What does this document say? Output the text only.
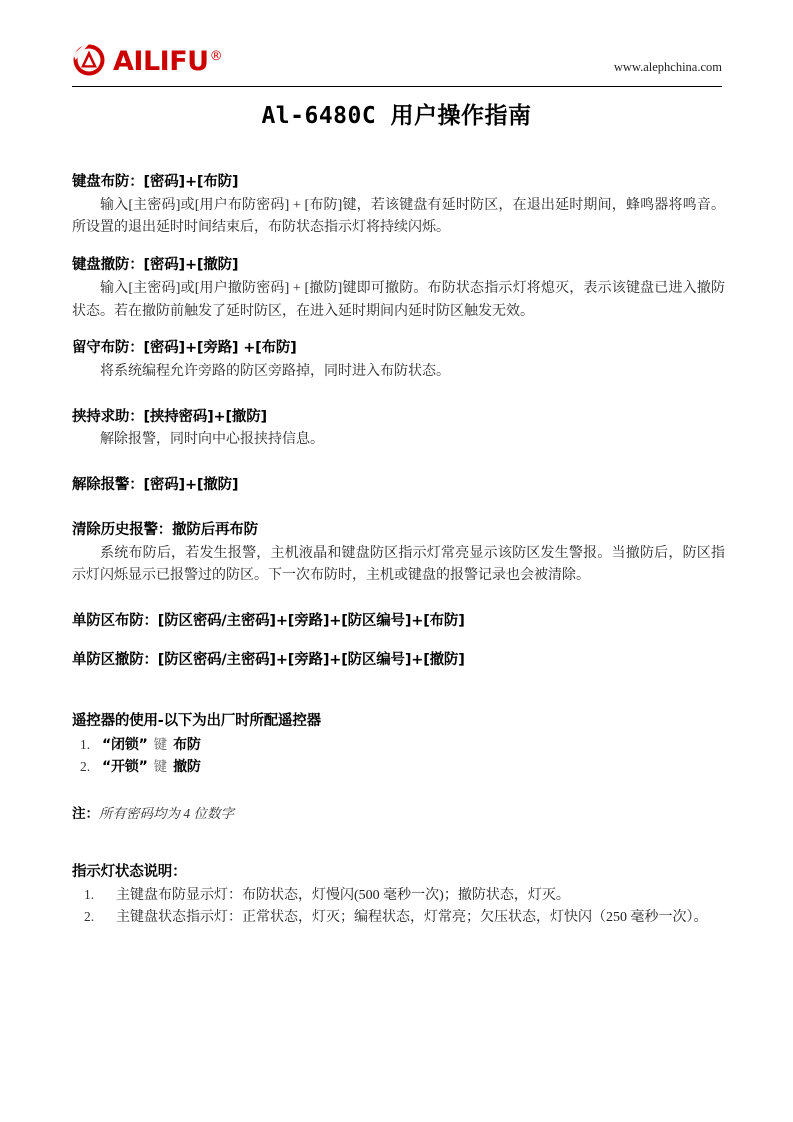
AILIFU®
www.alephchina.com
Al-6480C 用户操作指南

键盘布防：[密码]+[布防]

输入[主密码]或[用户布防密码] + [布防]键，若该键盘有延时防区，在退出延时期间，蜂鸣器将鸣音。所设置的退出延时时间结束后，布防状态指示灯将持续闪烁。

键盘撤防：[密码]+[撤防]

输入[主密码]或[用户撤防密码] + [撤防]键即可撤防。布防状态指示灯将熄灭，表示该键盘已进入撤防状态。若在撤防前触发了延时防区，在进入延时期间内延时防区触发无效。

留守布防：[密码]+[旁路] +[布防]

将系统编程允许旁路的防区旁路掉，同时进入布防状态。

挟持求助：[挟持密码]+[撤防]

解除报警，同时向中心报挟持信息。

解除报警：[密码]+[撤防]

清除历史报警：撤防后再布防

系统布防后，若发生报警，主机液晶和键盘防区指示灯常亮显示该防区发生警报。当撤防后，防区指示灯闪烁显示已报警过的防区。下一次布防时，主机或键盘的报警记录也会被清除。

单防区布防：[防区密码/主密码]+[旁路]+[防区编号]+[布防]

单防区撤防：[防区密码/主密码]+[旁路]+[防区编号]+[撤防]

遥控器的使用-以下为出厂时所配遥控器

1. “闭锁” 键 布防
2. “开锁” 键 撤防

注：所有密码均为 4 位数字

指示灯状态说明：

1. 主键盘布防显示灯：布防状态，灯慢闪(500 毫秒一次)；撤防状态，灯灭。
2. 主键盘状态指示灯：正常状态，灯灭；编程状态，灯常亮；欠压状态，灯快闪（250 毫秒一次）。
